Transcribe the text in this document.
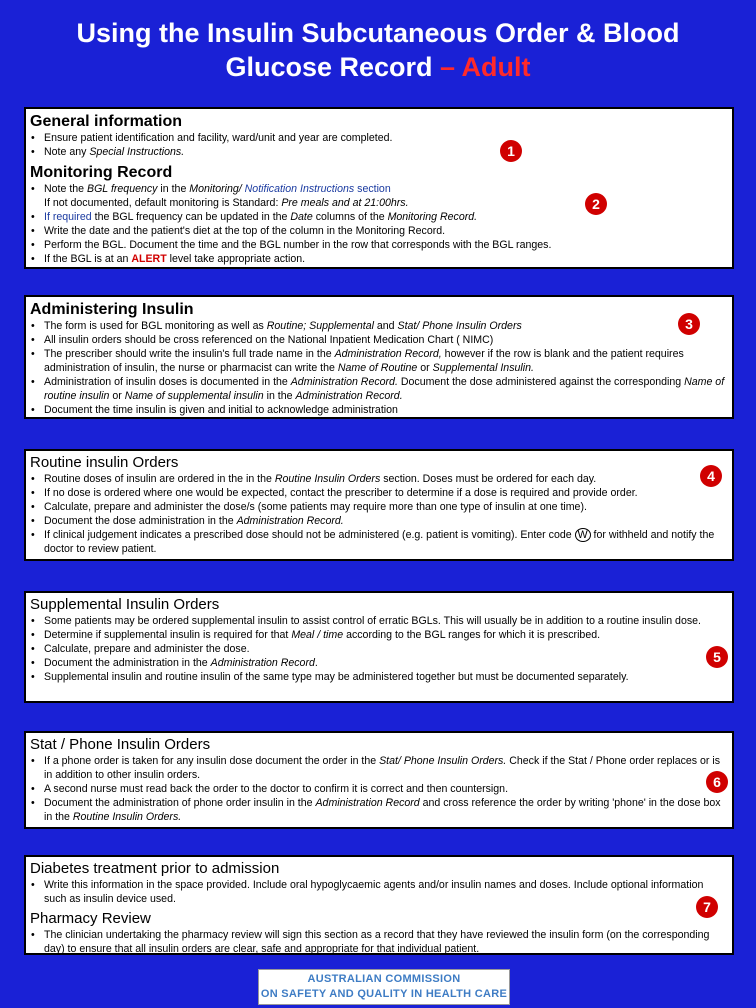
Using the Insulin Subcutaneous Order & Blood
Glucose Record – Adult
General information
• Ensure patient identification and facility, ward/unit and year are completed.
• Note any Special Instructions.	1
Monitoring Record
• Note the BGL frequency in the Monitoring/ Notification Instructions section
If not documented, default monitoring is Standard: Pre meals and at 21:00hrs.
• If required the BGL frequency can be updated in the Date columns of the Monitoring Record.
• Write the date and the patient's diet at the top of the column in the Monitoring Record.
• Perform the BGL. Document the time and the BGL number in the row that corresponds with the BGL ranges.
• If the BGL is at an ALERT level take appropriate action.
2
Administering Insulin
• The form is used for BGL monitoring as well as Routine; Supplemental and Stat/ Phone Insulin Orders
• All insulin orders should be cross referenced on the National Inpatient Medication Chart ( NIMC)
• The prescriber should write the insulin's full trade name in the Administration Record, however if the row is blank and the patient requires administration of insulin, the nurse or pharmacist can write the Name of Routine or Supplemental Insulin.
• Administration of insulin doses is documented in the Administration Record. Document the dose administered against the corresponding Name of routine insulin or Name of supplemental insulin in the Administration Record.
• Document the time insulin is given and initial to acknowledge administration
3
Routine insulin Orders
• Routine doses of insulin are ordered in the in the Routine Insulin Orders section. Doses must be ordered for each day.
• If no dose is ordered where one would be expected, contact the prescriber to determine if a dose is required and provide order.
• Calculate, prepare and administer the dose/s (some patients may require more than one type of insulin at one time).
• Document the dose administration in the Administration Record.
• If clinical judgement indicates a prescribed dose should not be administered (e.g. patient is vomiting). Enter code W for withheld and notify the doctor to review patient.
4
Supplemental Insulin Orders
• Some patients may be ordered supplemental insulin to assist control of erratic BGLs. This will usually be in addition to a routine insulin dose.
• Determine if supplemental insulin is required for that Meal / time according to the BGL ranges for which it is prescribed.
• Calculate, prepare and administer the dose.
• Document the administration in the Administration Record.
• Supplemental insulin and routine insulin of the same type may be administered together but must be documented separately.
5
Stat / Phone Insulin Orders
• If a phone order is taken for any insulin dose document the order in the Stat/ Phone Insulin Orders. Check if the Stat / Phone order replaces or is in addition to other insulin orders.
• A second nurse must read back the order to the doctor to confirm it is correct and then countersign.
• Document the administration of phone order insulin in the Administration Record and cross reference the order by writing 'phone' in the dose box in the Routine Insulin Orders.
6
Diabetes treatment prior to admission
• Write this information in the space provided. Include oral hypoglycaemic agents and/or insulin names and doses. Include optional information such as insulin device used.
Pharmacy Review
• The clinician undertaking the pharmacy review will sign this section as a record that they have reviewed the insulin form (on the corresponding day) to ensure that all insulin orders are clear, safe and appropriate for that individual patient.
7
AUSTRALIAN COMMISSION
ON SAFETY AND QUALITY IN HEALTH CARE
